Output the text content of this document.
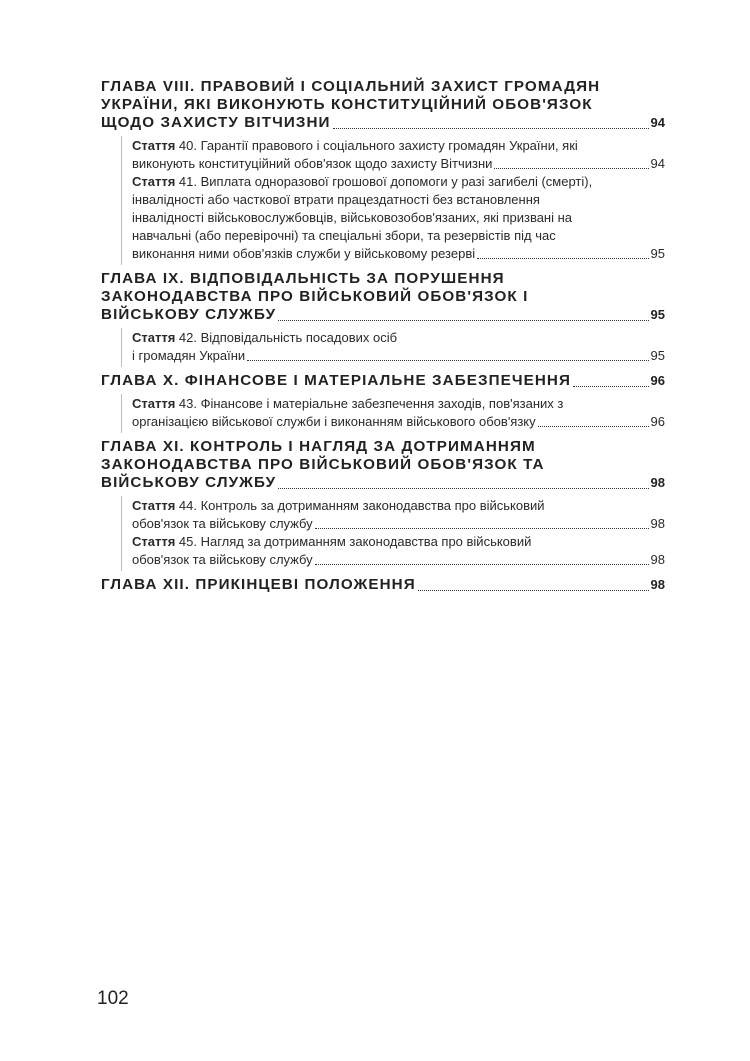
ГЛАВА VIII. ПРАВОВИЙ І СОЦІАЛЬНИЙ ЗАХИСТ ГРОМАДЯН
УКРАЇНИ, ЯКІ ВИКОНУЮТЬ КОНСТИТУЦІЙНИЙ ОБОВ'ЯЗОК
ЩОДО ЗАХИСТУ ВІТЧИЗНИ	94
Стаття 40. Гарантії правового і соціального захисту громадян України, які
виконують конституційний обов'язок щодо захисту Вітчизни	94
Стаття 41. Виплата одноразової грошової допомоги у разі загибелі (смерті),
інвалідності або часткової втрати працездатності без встановлення
інвалідності військовослужбовців, військовозобов'язаних, які призвані на
навчальні (або перевірочні) та спеціальні збори, та резервістів під час
виконання ними обов'язків служби у військовому резерві	95
ГЛАВА IX. ВІДПОВІДАЛЬНІСТЬ ЗА ПОРУШЕННЯ
ЗАКОНОДАВСТВА ПРО ВІЙСЬКОВИЙ ОБОВ'ЯЗОК І
ВІЙСЬКОВУ СЛУЖБУ	95
Стаття 42. Відповідальність посадових осіб
і громадян України	95
ГЛАВА X. ФІНАНСОВЕ І МАТЕРІАЛЬНЕ ЗАБЕЗПЕЧЕННЯ	96
Стаття 43. Фінансове і матеріальне забезпечення заходів, пов'язаних з
організацією військової служби і виконанням військового обов'язку	96
ГЛАВА XI. КОНТРОЛЬ І НАГЛЯД ЗА ДОТРИМАННЯМ
ЗАКОНОДАВСТВА ПРО ВІЙСЬКОВИЙ ОБОВ'ЯЗОК ТА
ВІЙСЬКОВУ СЛУЖБУ	98
Стаття 44. Контроль за дотриманням законодавства про військовий
обов'язок та військову службу	98
Стаття 45. Нагляд за дотриманням законодавства про військовий
обов'язок та військову службу	98
ГЛАВА XII. ПРИКІНЦЕВІ ПОЛОЖЕННЯ	98
102
